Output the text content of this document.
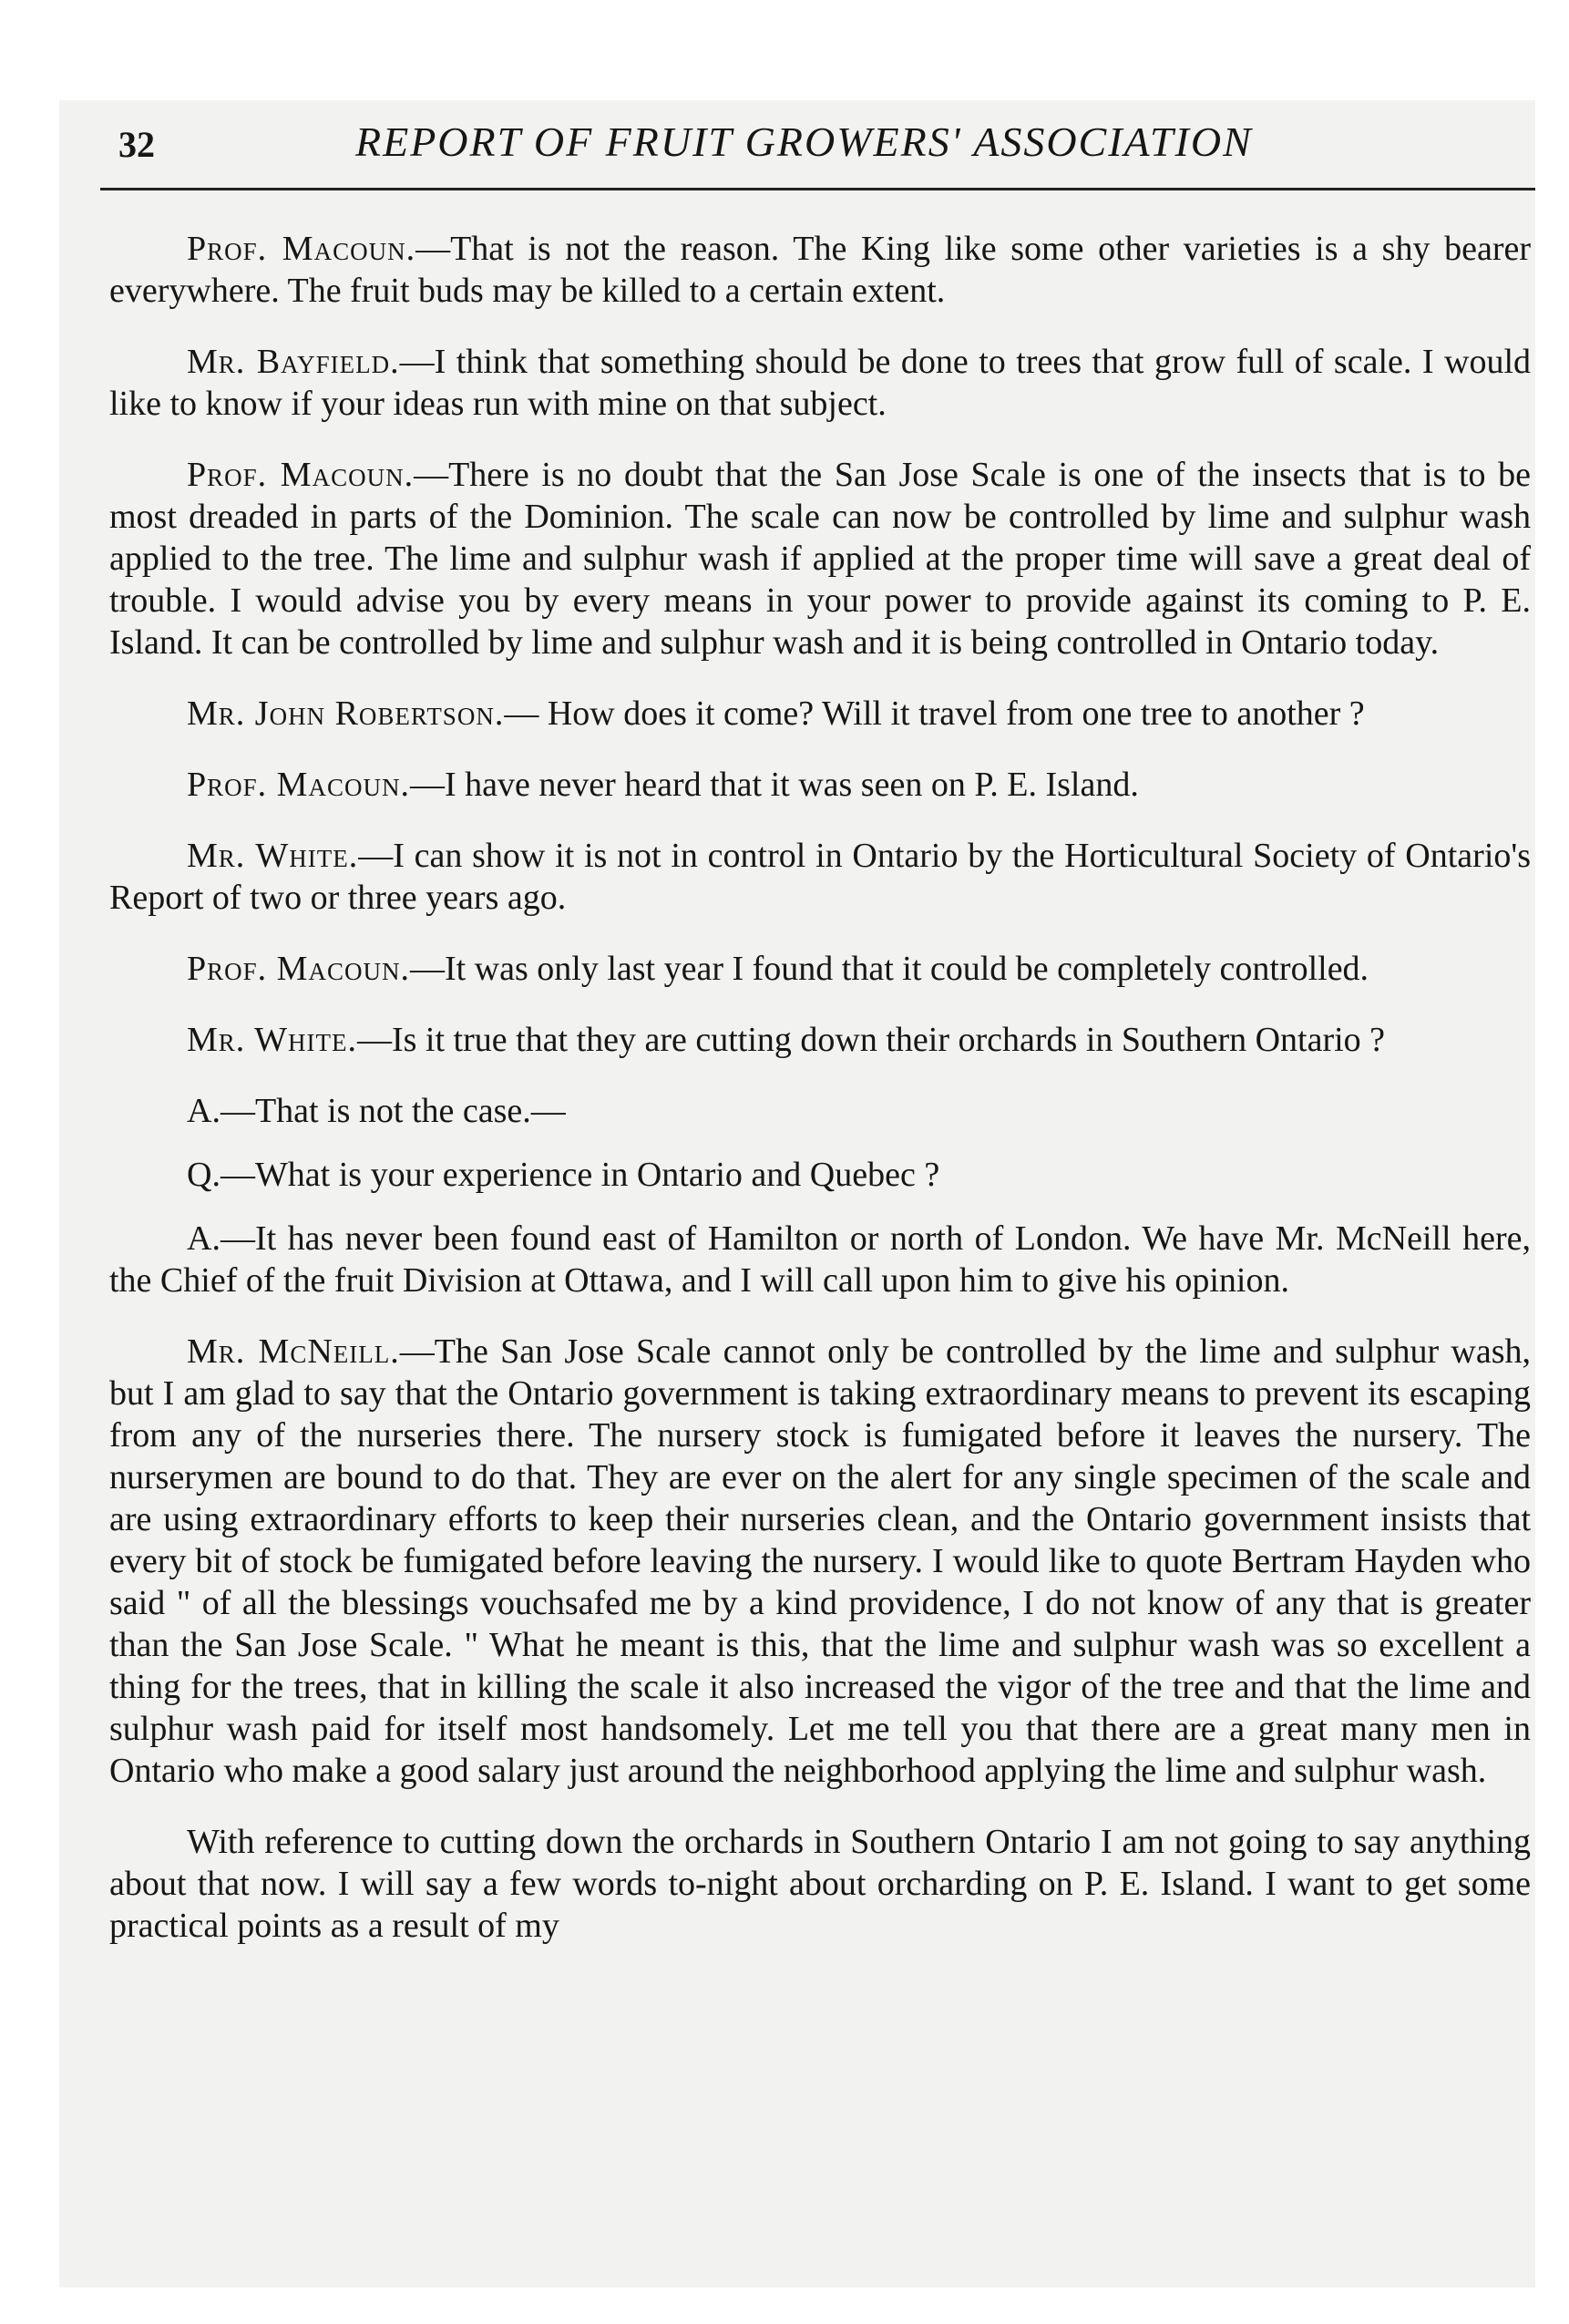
32	REPORT OF FRUIT GROWERS' ASSOCIATION

Prof. Macoun.—That is not the reason. The King like some other varieties is a shy bearer everywhere. The fruit buds may be killed to a certain extent.

Mr. Bayfield.—I think that something should be done to trees that grow full of scale. I would like to know if your ideas run with mine on that subject.

Prof. Macoun.—There is no doubt that the San Jose Scale is one of the insects that is to be most dreaded in parts of the Dominion. The scale can now be controlled by lime and sulphur wash applied to the tree. The lime and sulphur wash if applied at the proper time will save a great deal of trouble. I would advise you by every means in your power to provide against its coming to P. E. Island. It can be controlled by lime and sulphur wash and it is being controlled in Ontario today.

Mr. John Robertson.— How does it come? Will it travel from one tree to another ?

Prof. Macoun.—I have never heard that it was seen on P. E. Island.

Mr. White.—I can show it is not in control in Ontario by the Horticultural Society of Ontario's Report of two or three years ago.

Prof. Macoun.—It was only last year I found that it could be completely controlled.

Mr. White.—Is it true that they are cutting down their orchards in Southern Ontario ?

A.—That is not the case.—

Q.—What is your experience in Ontario and Quebec ?

A.—It has never been found east of Hamilton or north of London. We have Mr. McNeill here, the Chief of the fruit Division at Ottawa, and I will call upon him to give his opinion.

Mr. McNeill.—The San Jose Scale cannot only be controlled by the lime and sulphur wash, but I am glad to say that the Ontario government is taking extraordinary means to prevent its escaping from any of the nurseries there. The nursery stock is fumigated before it leaves the nursery. The nurserymen are bound to do that. They are ever on the alert for any single specimen of the scale and are using extraordinary efforts to keep their nurseries clean, and the Ontario government insists that every bit of stock be fumigated before leaving the nursery. I would like to quote Bertram Hayden who said " of all the blessings vouchsafed me by a kind providence, I do not know of any that is greater than the San Jose Scale. " What he meant is this, that the lime and sulphur wash was so excellent a thing for the trees, that in killing the scale it also increased the vigor of the tree and that the lime and sulphur wash paid for itself most handsomely. Let me tell you that there are a great many men in Ontario who make a good salary just around the neighborhood applying the lime and sulphur wash.

With reference to cutting down the orchards in Southern Ontario I am not going to say anything about that now. I will say a few words to-night about orcharding on P. E. Island. I want to get some practical points as a result of my
